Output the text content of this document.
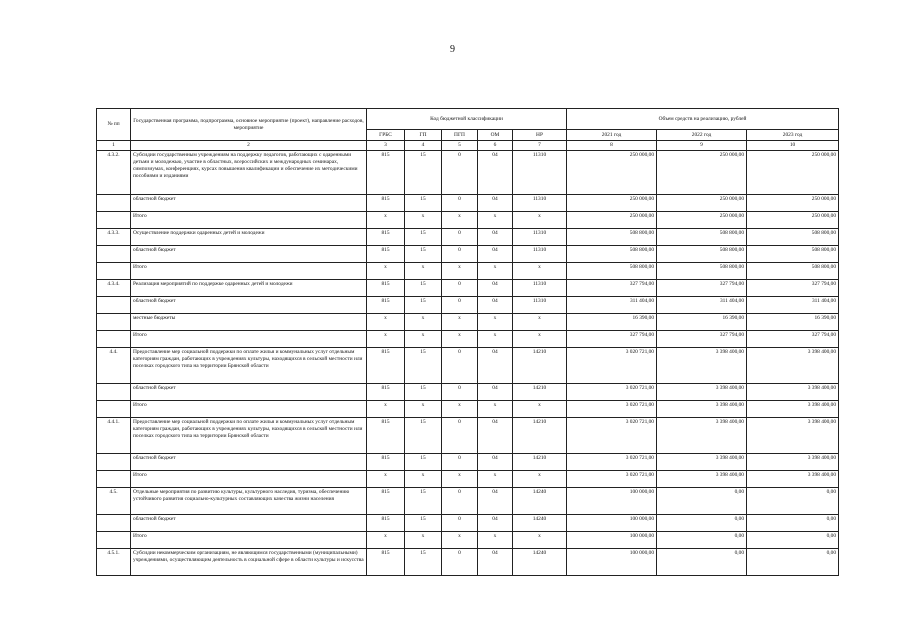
9
№ пп	Государственная программа, подпрограмма, основное мероприятие (проект), направление расходов, мероприятие	Код бюджетной классификации					Объем средств на реализацию, рублей		
		ГРБС	ГП	ПГП	ОМ	НР	2021 год	2022 год	2023 год
1	2	3	4	5	6	7	8	9	10
4.3.2.	Субсидии государственным учреждениям на поддержку педагогов, работающих с одаренными детьми и молодежью, участие в областных, всероссийских и международных семинарах, симпозиумах, конференциях, курсах повышения квалификации и обеспечение их методическими пособиями и изданиями	815	15	0	04	11310	250 000,00	250 000,00	250 000,00
	областной бюджет	815	15	0	04	11310	250 000,00	250 000,00	250 000,00
	Итого	х	х	х	х	х	250 000,00	250 000,00	250 000,00
4.3.3.	Осуществление поддержки одаренных детей и молодежи	815	15	0	04	11310	508 800,00	508 800,00	508 800,00
	областной бюджет	815	15	0	04	11310	508 800,00	508 800,00	508 800,00
	Итого	х	х	х	х	х	508 800,00	508 800,00	508 800,00
4.3.4.	Реализация мероприятий по поддержке одаренных детей и молодежи	815	15	0	04	11310	327 794,00	327 794,00	327 794,00
	областной бюджет	815	15	0	04	11310	311 404,00	311 404,00	311 404,00
	местные бюджеты	х	х	х	х	х	16 390,00	16 390,00	16 390,00
	Итого	х	х	х	х	х	327 794,00	327 794,00	327 794,00
4.4.	Предоставление мер социальной поддержки по оплате жилья и коммунальных услуг отдельным категориям граждан, работающих в учреждениях культуры, находящихся в сельской местности или поселках городского типа на территории Брянской области	815	15	0	04	14210	3 020 721,00	3 398 400,00	3 398 400,00
	областной бюджет	815	15	0	04	14210	3 020 721,00	3 398 400,00	3 398 400,00
	Итого	х	х	х	х	х	3 020 721,00	3 398 400,00	3 398 400,00
4.4.1.	Предоставление мер социальной поддержки по оплате жилья и коммунальных услуг отдельным категориям граждан, работающих в учреждениях культуры, находящихся в сельской местности или поселках городского типа на территории Брянской области	815	15	0	04	14210	3 020 721,00	3 398 400,00	3 398 400,00
	областной бюджет	815	15	0	04	14210	3 020 721,00	3 398 400,00	3 398 400,00
	Итого	х	х	х	х	х	3 020 721,00	3 398 400,00	3 398 400,00
4.5.	Отдельные мероприятия по развитию культуры, культурного наследия, туризма, обеспечению устойчивого развития социально-культурных составляющих качества жизни населения	815	15	0	04	14240	100 000,00	0,00	0,00
	областной бюджет	815	15	0	04	14240	100 000,00	0,00	0,00
	Итого	х	х	х	х	х	100 000,00	0,00	0,00
4.5.1.	Субсидии некоммерческим организациям, не являющимся государственными (муниципальными) учреждениями, осуществляющим деятельность в социальной сфере в области культуры и искусства	815	15	0	04	14240	100 000,00	0,00	0,00
